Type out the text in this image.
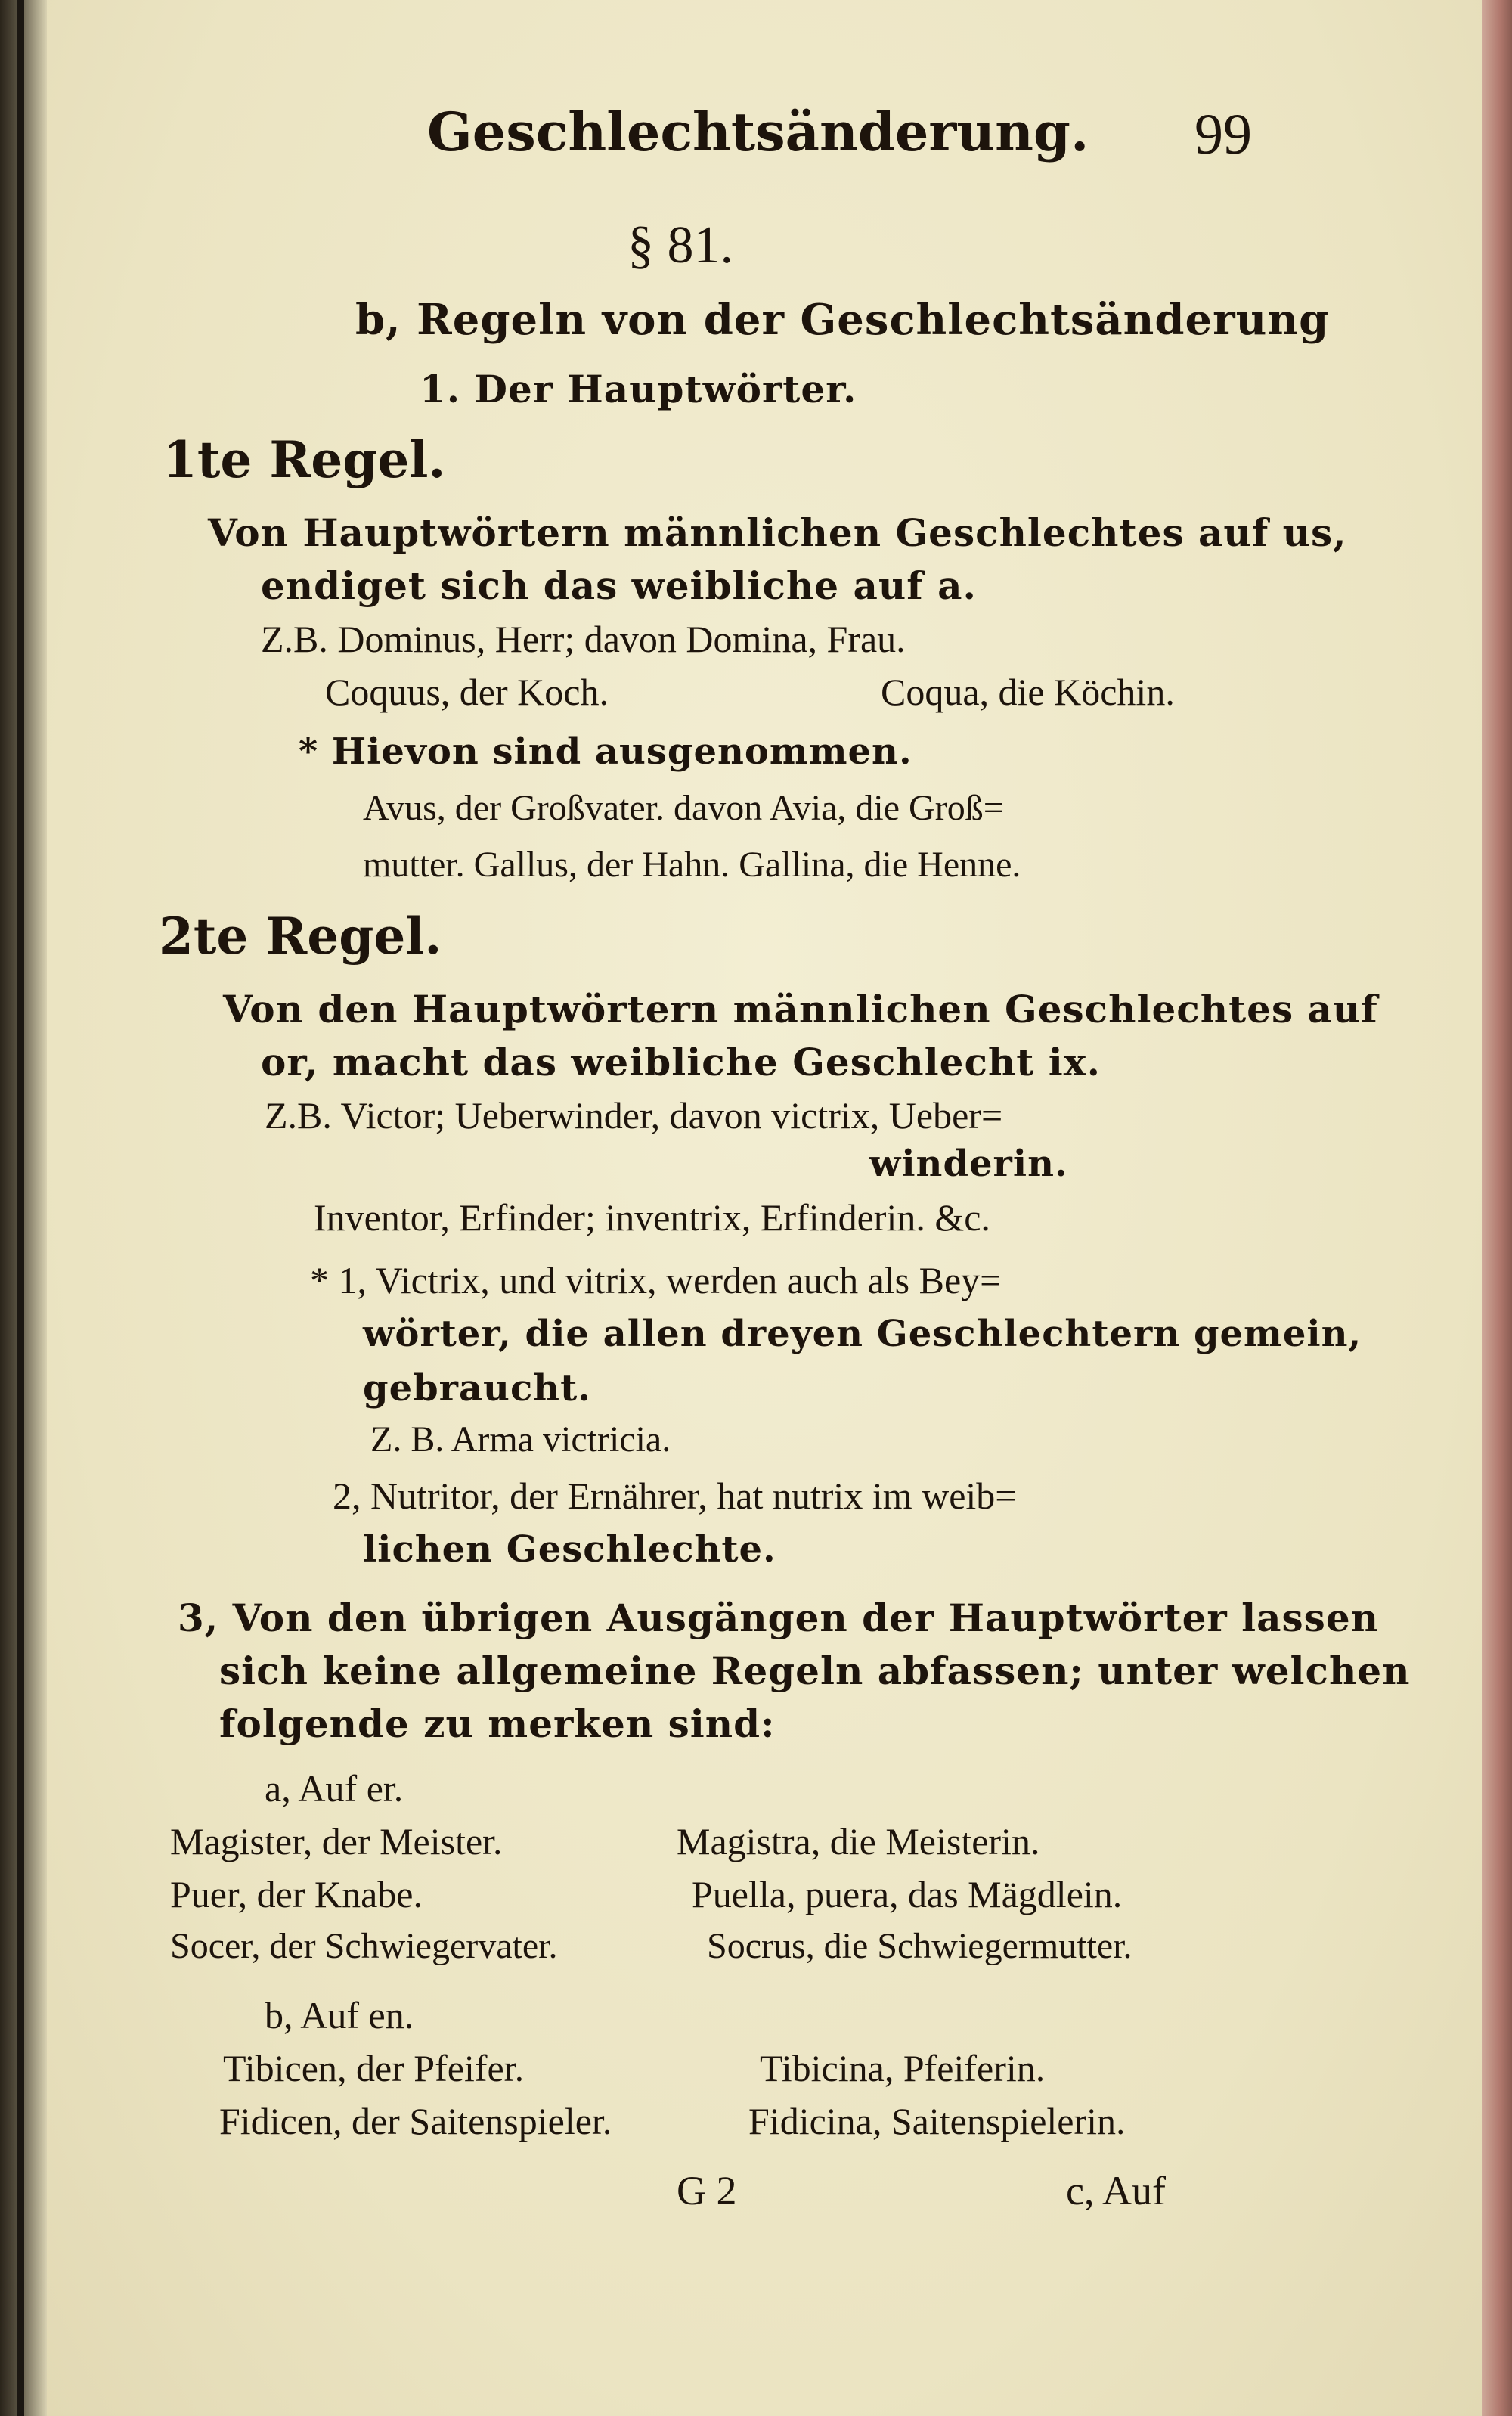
Geschlechtsänderung. 99
§ 81.
b, Regeln von der Geschlechtsänderung
1. Der Hauptwörter.
1te Regel.
Von Hauptwörtern männlichen Geschlechtes auf us,
endiget sich das weibliche auf a.
Z.B. Dominus, Herr; davon Domina, Frau.
Coquus, der Koch.	Coqua, die Köchin.
* Hievon sind ausgenommen.
Avus, der Großvater. davon Avia, die Groß=
mutter. Gallus, der Hahn. Gallina, die Henne.
2te Regel.
Von den Hauptwörtern männlichen Geschlechtes auf
or, macht das weibliche Geschlecht ix.
Z.B. Victor; Ueberwinder, davon victrix, Ueber=
winderin.
Inventor, Erfinder; inventrix, Erfinderin. &c.
* 1, Victrix, und vitrix, werden auch als Bey=
wörter, die allen dreyen Geschlechtern gemein,
gebraucht.
Z. B. Arma victricia.
2, Nutritor, der Ernährer, hat nutrix im weib=
lichen Geschlechte.
3, Von den übrigen Ausgängen der Hauptwörter lassen
sich keine allgemeine Regeln abfassen; unter welchen
folgende zu merken sind:
a, Auf er.
Magister, der Meister.	Magistra, die Meisterin.
Puer, der Knabe.	Puella, puera, das Mägdlein.
Socer, der Schwiegervater.	Socrus, die Schwiegermutter.
b, Auf en.
Tibicen, der Pfeifer.	Tibicina, Pfeiferin.
Fidicen, der Saitenspieler.	Fidicina, Saitenspielerin.
G 2	c, Auf
